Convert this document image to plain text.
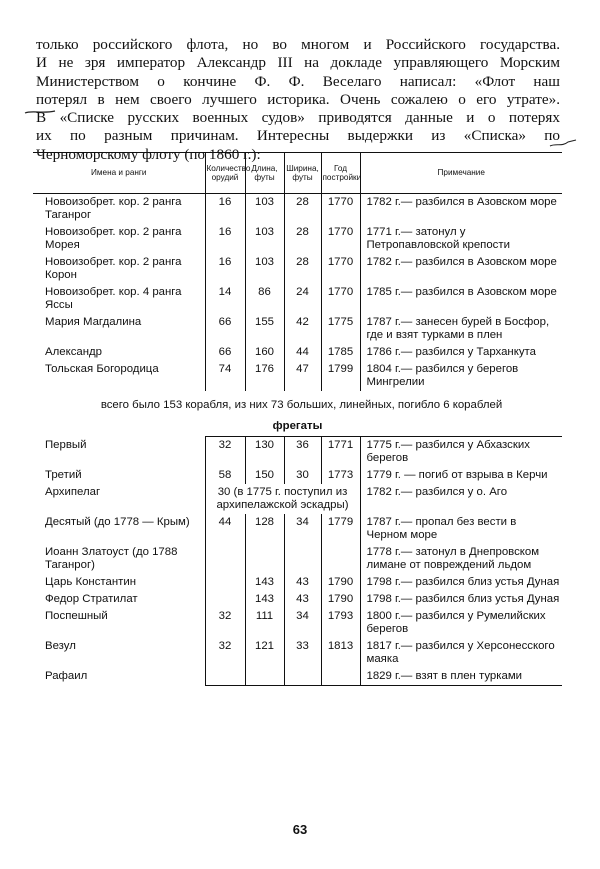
только российского флота, но во многом и Российского государства.
И не зря император Александр III на докладе управляющего Морским
Министерством о кончине Ф. Ф. Веселаго написал: «Флот наш
потерял в нем своего лучшего историка. Очень сожалею о его утрате».
В «Списке русских военных судов» приводятся данные и о потерях
их по разным причинам. Интересны выдержки из «Списка» по
Черноморскому флоту (по 1860 г.):
Имена и ранги	Количество орудий	Длина, футы	Ширина, футы	Год постройки	Примечание
Новоизобрет. кор. 2 ранга Таганрог	16	103	28	1770	1782 г.— разбился в Азовском море
Новоизобрет. кор. 2 ранга Морея	16	103	28	1770	1771 г.— затонул у Петропавловской крепости
Новоизобрет. кор. 2 ранга Корон	16	103	28	1770	1782 г.— разбился в Азовском море
Новоизобрет. кор. 4 ранга Яссы	14	86	24	1770	1785 г.— разбился в Азовском море
Мария Магдалина	66	155	42	1775	1787 г.— занесен бурей в Босфор, где и взят турками в плен
Александр	66	160	44	1785	1786 г.— разбился у Тарханкута
Тольская Богородица	74	176	47	1799	1804 г.— разбился у берегов Мингрелии
всего было 153 корабля, из них 73 больших, линейных, погибло 6 кораблей					
фрегаты					
Первый	32	130	36	1771	1775 г.— разбился у Абхазских берегов
Третий	58	150	30	1773	1779 г. — погиб от взрыва в Керчи
Архипелаг	30 (в 1775 г. поступил из архипелажской эскадры)				1782 г.— разбился у о. Аго
Десятый (до 1778 — Крым)	44	128	34	1779	1787 г.— пропал без вести в Черном море
Иоанн Златоуст (до 1788 Таганрог)					1778 г.— затонул в Днепровском лимане от повреждений льдом
Царь Константин		143	43	1790	1798 г.— разбился близ устья Дуная
Федор Стратилат		143	43	1790	1798 г.— разбился близ устья Дуная
Поспешный	32	111	34	1793	1800 г.— разбился у Румелийских берегов
Везул	32	121	33	1813	1817 г.— разбился у Херсонесского маяка
Рафаил					1829 г.— взят в плен турками
63
